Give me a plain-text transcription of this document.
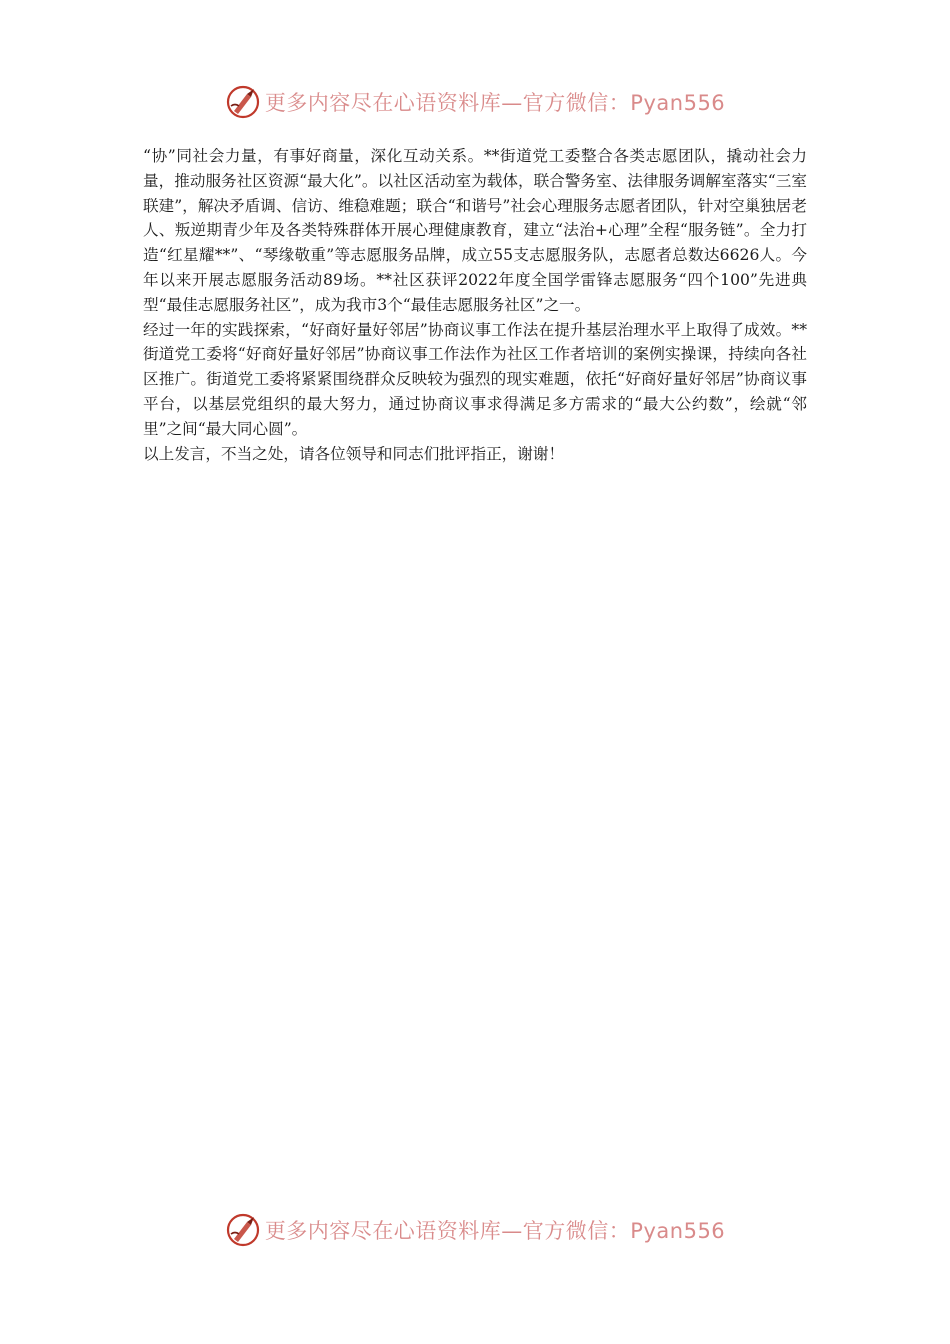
更多内容尽在心语资料库—官方微信：Pyan556

“协”同社会力量，有事好商量，深化互动关系。**街道党工委整合各类志愿团队，撬动社会力量，推动服务社区资源“最大化”。以社区活动室为载体，联合警务室、法律服务调解室落实“三室联建”，解决矛盾调、信访、维稳难题；联合“和谐号”社会心理服务志愿者团队，针对空巢独居老人、叛逆期青少年及各类特殊群体开展心理健康教育，建立“法治+心理”全程“服务链”。全力打造“红星耀**”、“琴缘敬重”等志愿服务品牌，成立55支志愿服务队，志愿者总数达6626人。今年以来开展志愿服务活动89场。**社区获评2022年度全国学雷锋志愿服务“四个100”先进典型“最佳志愿服务社区”，成为我市3个“最佳志愿服务社区”之一。

经过一年的实践探索，“好商好量好邻居”协商议事工作法在提升基层治理水平上取得了成效。**街道党工委将“好商好量好邻居”协商议事工作法作为社区工作者培训的案例实操课，持续向各社区推广。街道党工委将紧紧围绕群众反映较为强烈的现实难题，依托“好商好量好邻居”协商议事平台，以基层党组织的最大努力，通过协商议事求得满足多方需求的“最大公约数”，绘就“邻里”之间“最大同心圆”。

以上发言，不当之处，请各位领导和同志们批评指正，谢谢！

更多内容尽在心语资料库—官方微信：Pyan556
